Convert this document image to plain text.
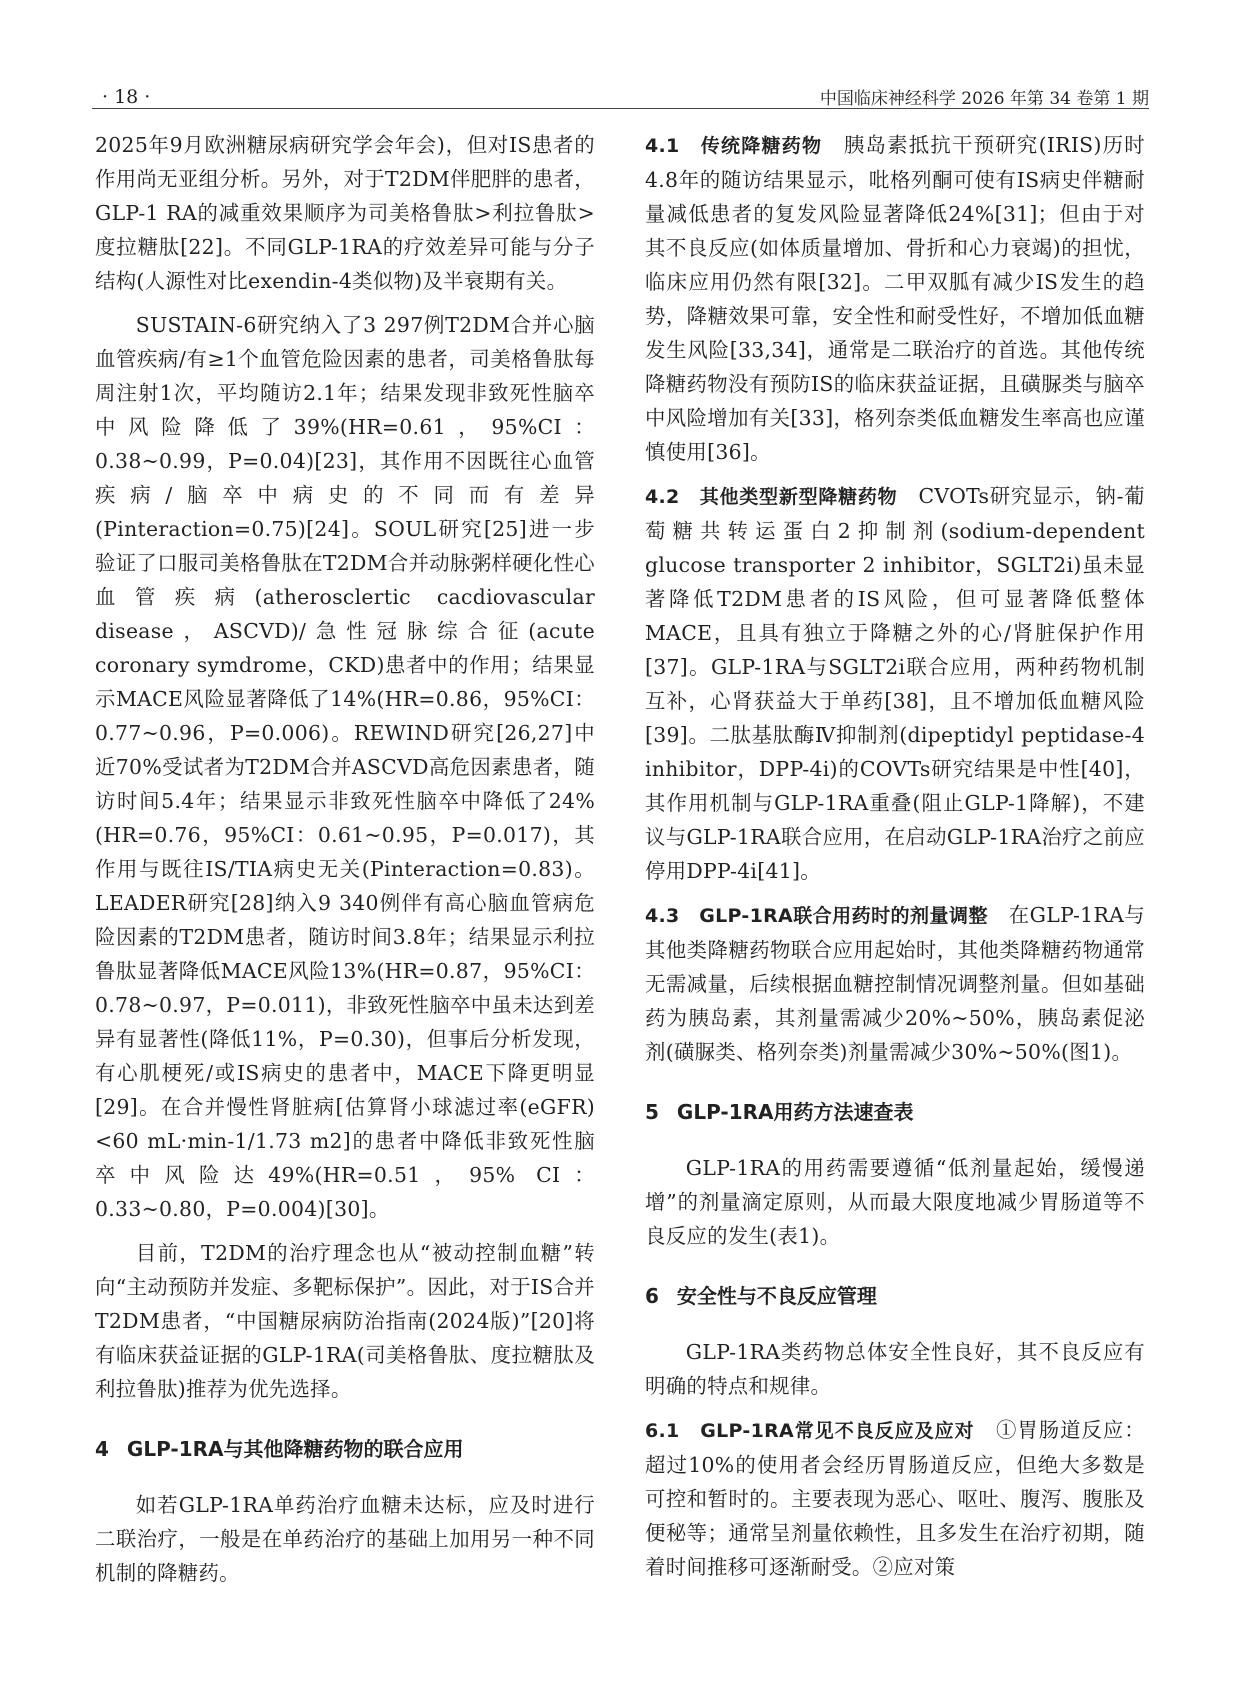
· 18 ·	中国临床神经科学 2026 年第 34 卷第 1 期

2025年9月欧洲糖尿病研究学会年会)，但对IS患者的作用尚无亚组分析。另外，对于T2DM伴肥胖的患者，GLP-1 RA的减重效果顺序为司美格鲁肽>利拉鲁肽>度拉糖肽[22]。不同GLP-1RA的疗效差异可能与分子结构(人源性对比exendin-4类似物)及半衰期有关。

SUSTAIN-6研究纳入了3 297例T2DM合并心脑血管疾病/有≥1个血管危险因素的患者，司美格鲁肽每周注射1次，平均随访2.1年；结果发现非致死性脑卒中风险降低了39%(HR=0.61，95%CI：0.38~0.99，P=0.04)[23]，其作用不因既往心血管疾病/脑卒中病史的不同而有差异(Pinteraction=0.75)[24]。SOUL研究[25]进一步验证了口服司美格鲁肽在T2DM合并动脉粥样硬化性心血管疾病(atherosclertic cacdiovascular disease，ASCVD)/急性冠脉综合征(acute coronary symdrome，CKD)患者中的作用；结果显示MACE风险显著降低了14%(HR=0.86，95%CI：0.77~0.96，P=0.006)。REWIND研究[26,27]中近70%受试者为T2DM合并ASCVD高危因素患者，随访时间5.4年；结果显示非致死性脑卒中降低了24%(HR=0.76，95%CI：0.61~0.95，P=0.017)，其作用与既往IS/TIA病史无关(Pinteraction=0.83)。LEADER研究[28]纳入9 340例伴有高心脑血管病危险因素的T2DM患者，随访时间3.8年；结果显示利拉鲁肽显著降低MACE风险13%(HR=0.87，95%CI：0.78~0.97，P=0.011)，非致死性脑卒中虽未达到差异有显著性(降低11%，P=0.30)，但事后分析发现，有心肌梗死/或IS病史的患者中，MACE下降更明显[29]。在合并慢性肾脏病[估算肾小球滤过率(eGFR)<60 mL·min-1/1.73 m2]的患者中降低非致死性脑卒中风险达49%(HR=0.51，95% CI：0.33~0.80，P=0.004)[30]。

目前，T2DM的治疗理念也从“被动控制血糖”转向“主动预防并发症、多靶标保护”。因此，对于IS合并T2DM患者，“中国糖尿病防治指南(2024版)”[20]将有临床获益证据的GLP-1RA(司美格鲁肽、度拉糖肽及利拉鲁肽)推荐为优先选择。

4 GLP-1RA与其他降糖药物的联合应用

如若GLP-1RA单药治疗血糖未达标，应及时进行二联治疗，一般是在单药治疗的基础上加用另一种不同机制的降糖药。

4.1　传统降糖药物　 胰岛素抵抗干预研究(IRIS)历时4.8年的随访结果显示，吡格列酮可使有IS病史伴糖耐量减低患者的复发风险显著降低24%[31]；但由于对其不良反应(如体质量增加、骨折和心力衰竭)的担忧，临床应用仍然有限[32]。二甲双胍有减少IS发生的趋势，降糖效果可靠，安全性和耐受性好，不增加低血糖发生风险[33,34]，通常是二联治疗的首选。其他传统降糖药物没有预防IS的临床获益证据，且磺脲类与脑卒中风险增加有关[33]，格列奈类低血糖发生率高也应谨慎使用[36]。

4.2　其他类型新型降糖药物　 CVOTs研究显示，钠-葡萄糖共转运蛋白2抑制剂(sodium-dependent glucose transporter 2 inhibitor，SGLT2i)虽未显著降低T2DM患者的IS风险，但可显著降低整体MACE，且具有独立于降糖之外的心/肾脏保护作用[37]。GLP-1RA与SGLT2i联合应用，两种药物机制互补，心肾获益大于单药[38]，且不增加低血糖风险[39]。二肽基肽酶Ⅳ抑制剂(dipeptidyl peptidase-4 inhibitor，DPP-4i)的COVTs研究结果是中性[40]，其作用机制与GLP-1RA重叠(阻止GLP-1降解)，不建议与GLP-1RA联合应用，在启动GLP-1RA治疗之前应停用DPP-4i[41]。

4.3　GLP-1RA联合用药时的剂量调整　 在GLP-1RA与其他类降糖药物联合应用起始时，其他类降糖药物通常无需减量，后续根据血糖控制情况调整剂量。但如基础药为胰岛素，其剂量需减少20%~50%，胰岛素促泌剂(磺脲类、格列奈类)剂量需减少30%~50%(图1)。

5 GLP-1RA用药方法速查表

GLP-1RA的用药需要遵循“低剂量起始，缓慢递增”的剂量滴定原则，从而最大限度地减少胃肠道等不良反应的发生(表1)。

6 安全性与不良反应管理

GLP-1RA类药物总体安全性良好，其不良反应有明确的特点和规律。

6.1　GLP-1RA常见不良反应及应对　 ①胃肠道反应：超过10%的使用者会经历胃肠道反应，但绝大多数是可控和暂时的。主要表现为恶心、呕吐、腹泻、腹胀及便秘等；通常呈剂量依赖性，且多发生在治疗初期，随着时间推移可逐渐耐受。②应对策
